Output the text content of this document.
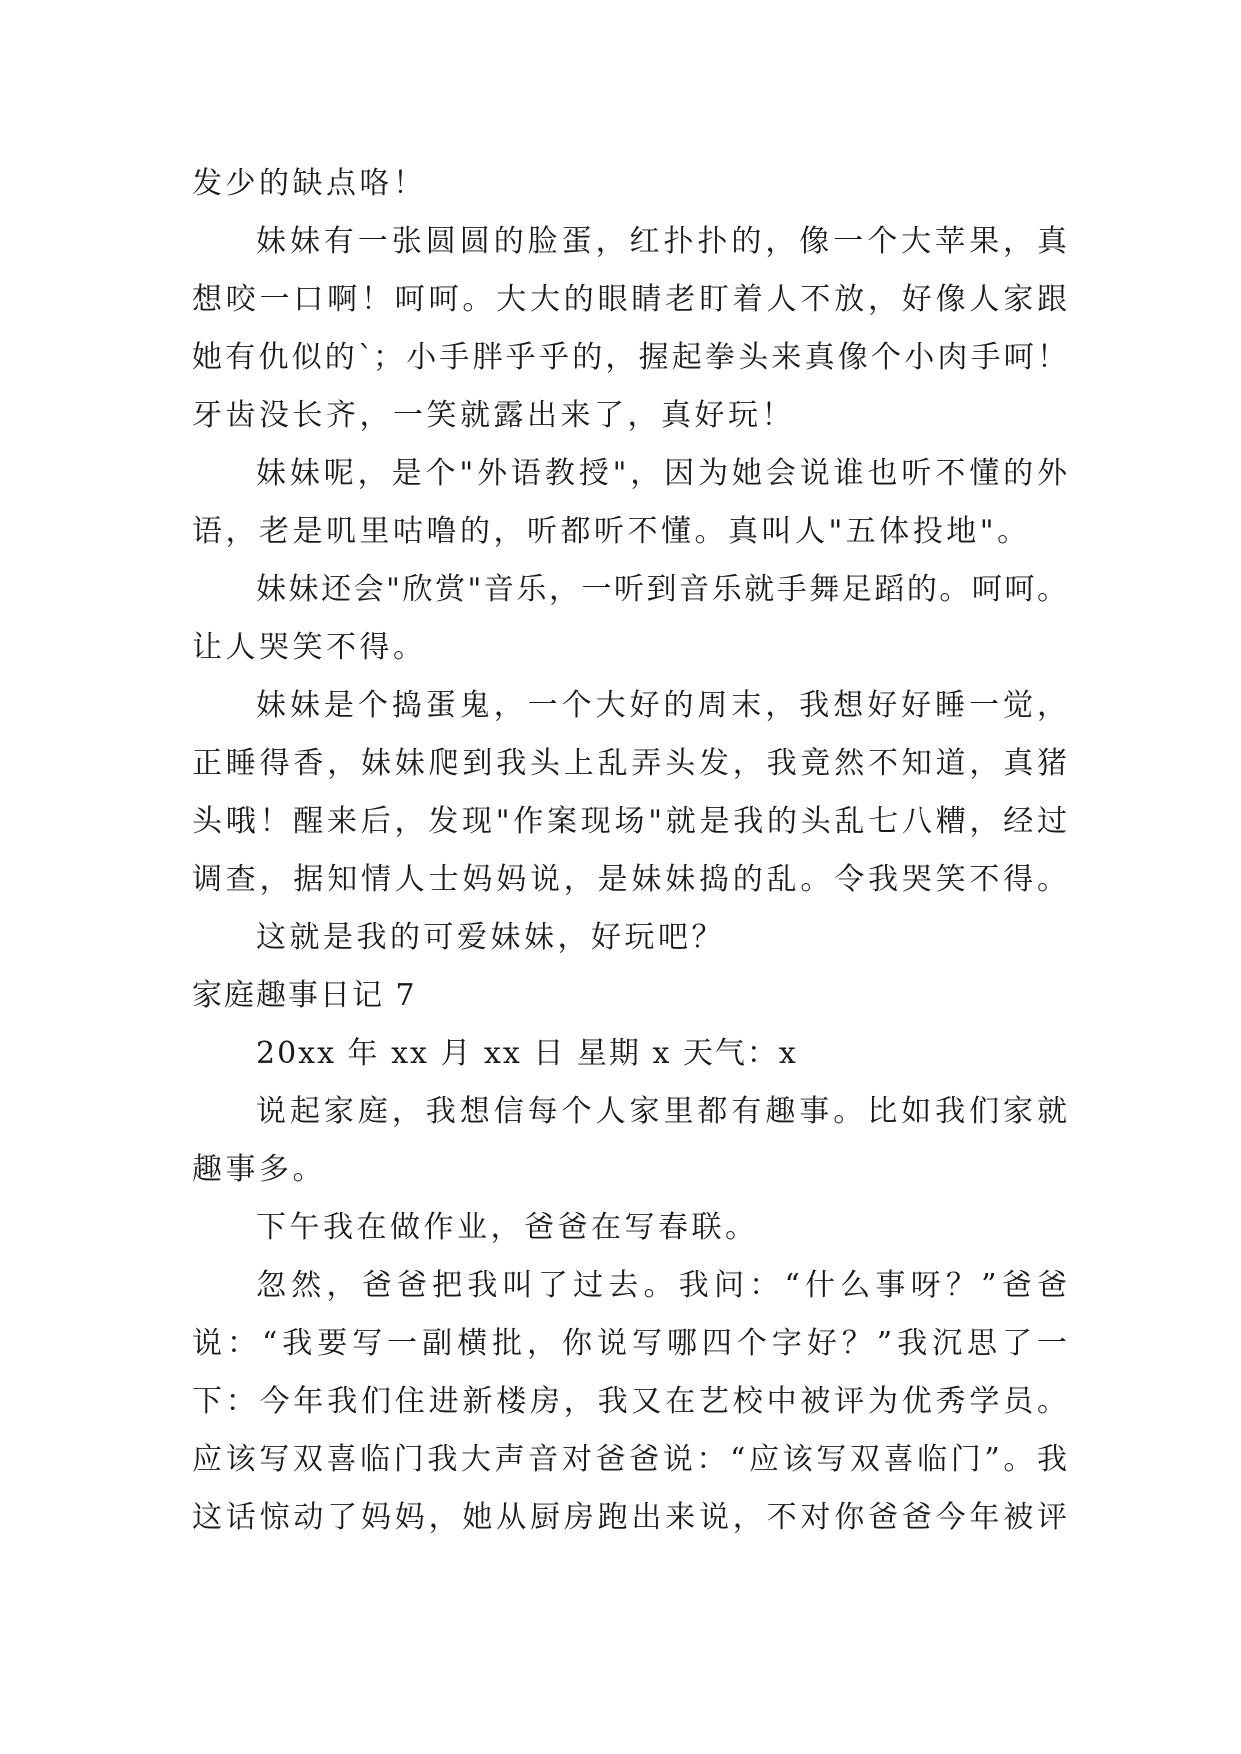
发少的缺点咯！
妹妹有一张圆圆的脸蛋，红扑扑的，像一个大苹果，真
想咬一口啊！呵呵。大大的眼睛老盯着人不放，好像人家跟
她有仇似的`；小手胖乎乎的，握起拳头来真像个小肉手呵！
牙齿没长齐，一笑就露出来了，真好玩！
妹妹呢，是个"外语教授"，因为她会说谁也听不懂的外
语，老是叽里咕噜的，听都听不懂。真叫人"五体投地"。
妹妹还会"欣赏"音乐，一听到音乐就手舞足蹈的。呵呵。
让人哭笑不得。
妹妹是个捣蛋鬼，一个大好的周末，我想好好睡一觉，
正睡得香，妹妹爬到我头上乱弄头发，我竟然不知道，真猪
头哦！醒来后，发现"作案现场"就是我的头乱七八糟，经过
调查，据知情人士妈妈说，是妹妹捣的乱。令我哭笑不得。
这就是我的可爱妹妹，好玩吧？
家庭趣事日记 7
20xx 年 xx 月 xx 日 星期 x 天气：x
说起家庭，我想信每个人家里都有趣事。比如我们家就
趣事多。
下午我在做作业，爸爸在写春联。
忽然，爸爸把我叫了过去。我问：“什么事呀？”爸爸
说：“我要写一副横批，你说写哪四个字好？”我沉思了一
下：今年我们住进新楼房，我又在艺校中被评为优秀学员。
应该写双喜临门我大声音对爸爸说：“应该写双喜临门”。我
这话惊动了妈妈，她从厨房跑出来说，不对你爸爸今年被评
